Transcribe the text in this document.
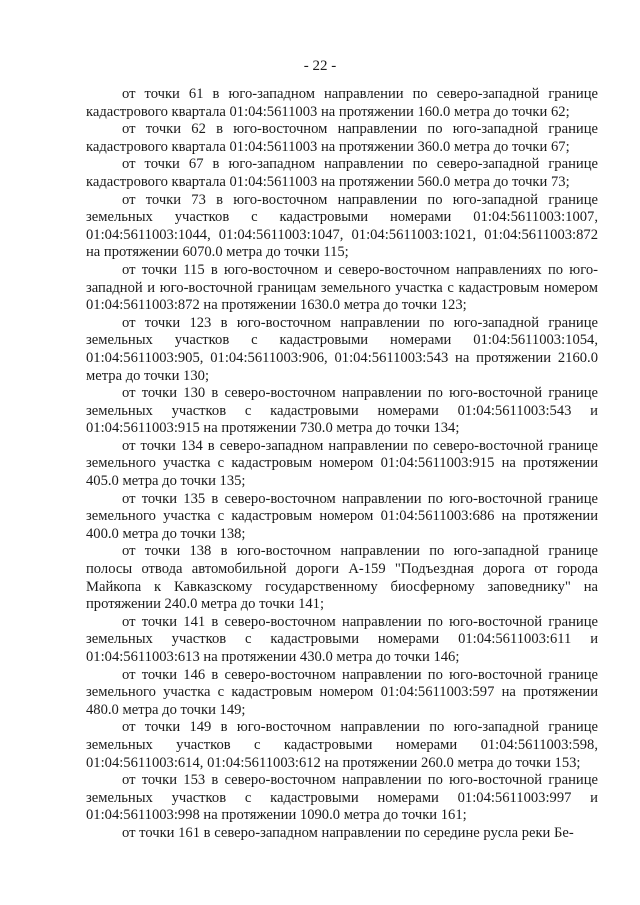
- 22 -

от точки 61 в юго-западном направлении по северо-западной границе кадастрового квартала 01:04:5611003 на протяжении 160.0 метра до точки 62;

от точки 62 в юго-восточном направлении по юго-западной границе кадастрового квартала 01:04:5611003 на протяжении 360.0 метра до точки 67;

от точки 67 в юго-западном направлении по северо-западной границе кадастрового квартала 01:04:5611003 на протяжении 560.0 метра до точки 73;

от точки 73 в юго-восточном направлении по юго-западной границе земельных участков с кадастровыми номерами 01:04:5611003:1007, 01:04:5611003:1044, 01:04:5611003:1047, 01:04:5611003:1021, 01:04:5611003:872 на протяжении 6070.0 метра до точки 115;

от точки 115 в юго-восточном и северо-восточном направлениях по юго-западной и юго-восточной границам земельного участка с кадастровым номером 01:04:5611003:872 на протяжении 1630.0 метра до точки 123;

от точки 123 в юго-восточном направлении по юго-западной границе земельных участков с кадастровыми номерами 01:04:5611003:1054, 01:04:5611003:905, 01:04:5611003:906, 01:04:5611003:543 на протяжении 2160.0 метра до точки 130;

от точки 130 в северо-восточном направлении по юго-восточной границе земельных участков с кадастровыми номерами 01:04:5611003:543 и 01:04:5611003:915 на протяжении 730.0 метра до точки 134;

от точки 134 в северо-западном направлении по северо-восточной границе земельного участка с кадастровым номером 01:04:5611003:915 на протяжении 405.0 метра до точки 135;

от точки 135 в северо-восточном направлении по юго-восточной границе земельного участка с кадастровым номером 01:04:5611003:686 на протяжении 400.0 метра до точки 138;

от точки 138 в юго-восточном направлении по юго-западной границе полосы отвода автомобильной дороги А-159 "Подъездная дорога от города Майкопа к Кавказскому государственному биосферному заповеднику" на протяжении 240.0 метра до точки 141;

от точки 141 в северо-восточном направлении по юго-восточной границе земельных участков с кадастровыми номерами 01:04:5611003:611 и 01:04:5611003:613 на протяжении 430.0 метра до точки 146;

от точки 146 в северо-восточном направлении по юго-восточной границе земельного участка с кадастровым номером 01:04:5611003:597 на протяжении 480.0 метра до точки 149;

от точки 149 в юго-восточном направлении по юго-западной границе земельных участков с кадастровыми номерами 01:04:5611003:598, 01:04:5611003:614, 01:04:5611003:612 на протяжении 260.0 метра до точки 153;

от точки 153 в северо-восточном направлении по юго-восточной границе земельных участков с кадастровыми номерами 01:04:5611003:997 и 01:04:5611003:998 на протяжении 1090.0 метра до точки 161;

от точки 161 в северо-западном направлении по середине русла реки Бе-
